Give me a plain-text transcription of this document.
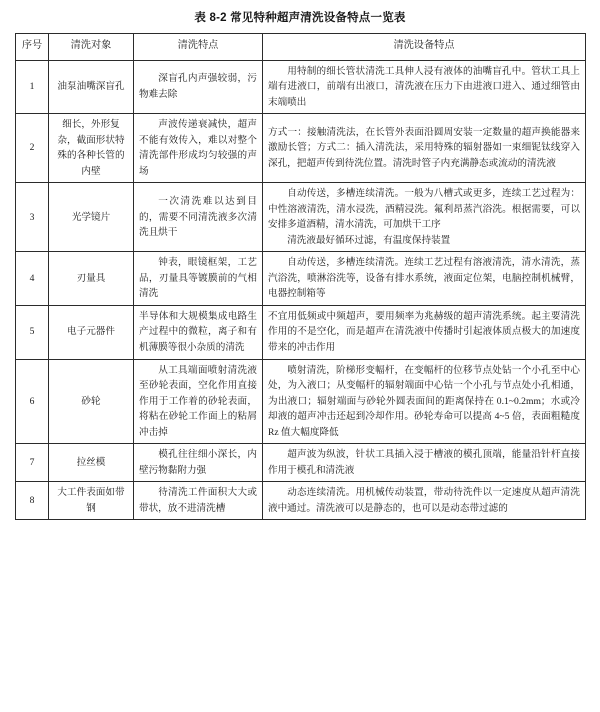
表 8-2 常见特种超声清洗设备特点一览表
序号	清洗对象	清洗特点	清洗设备特点
1	油泵油嘴深盲孔	深盲孔内声强较弱，污物难去除	用特制的细长管状清洗工具伸人浸有液体的油嘴盲孔中。管状工具上端有进液口，前端有出液口，清洗液在压力下由进液口进入、通过细管由末端喷出

2	细长，外形复杂，截面形状特殊的各种长管的内壁	声波传递衰减快，超声不能有效传入，难以对整个清洗部件形成均匀较强的声场	方式一：接触清洗法，在长管外表面沿圆周安装一定数量的超声换能器来激励长管；方式二：插入清洗法，采用特殊的辐射器如一束细铌钛线穿入深孔，把超声传到待洗位置。清洗时管子内充满静态或流动的清洗液

3	光学镜片	一次清洗难以达到目的，需要不同清洗液多次清洗且烘干	自动传送，多槽连续清洗。一般为八槽式或更多，连续工艺过程为：中性溶液清洗，清水浸洗，酒精浸洗。氟利昂蒸汽浴洗。根据需要，可以安排多道酒精，清水清洗，可加烘干工序

清洗液最好循环过滤，有温度保持装置

4	刃量具	钟表，眼镜框架，工艺品，刃量具等镀膜前的气相清洗	自动传送，多槽连续清洗。连续工艺过程有溶液清洗，清水清洗，蒸汽浴洗，喷淋浴洗等，设备有排水系统，液面定位架，电脑控制机械臂，电器控制箱等

5	电子元器件	半导体和大规模集成电路生产过程中的微粒，离子和有机薄膜等很小杂质的清洗	不宜用低频或中频超声，要用频率为兆赫级的超声清洗系统。起主要清洗作用的不是空化，而是超声在清洗液中传播时引起液体质点极大的加速度带来的冲击作用

6	砂轮	从工具端面喷射清洗液至砂轮表面，空化作用直接作用于工作着的砂轮表面，将粘在砂轮工作面上的粘屑冲击掉	喷射清洗，阶梯形变幅杆，在变幅杆的位移节点处钻一个小孔至中心处，为入液口；从变幅杆的辐射端面中心钻一个小孔与节点处小孔相通，为出液口；辐射端面与砂轮外圆表面间的距离保持在 0.1~0.2mm；水或冷却液的超声冲击还起到冷却作用。砂轮寿命可以提高 4~5 倍，表面粗糙度 Rz 值大幅度降低

7	拉丝模	模孔往往细小深长，内壁污物黏附力强	超声波为纵波，针状工具插入浸于槽液的模孔顶端，能量沿针杆直接作用于模孔和清洗液

8	大工件表面如带钢	待清洗工件面积大大或带状，放不进清洗槽	动态连续清洗。用机械传动装置，带动待洗件以一定速度从超声清洗液中通过。清洗液可以是静态的，也可以是动态带过滤的
